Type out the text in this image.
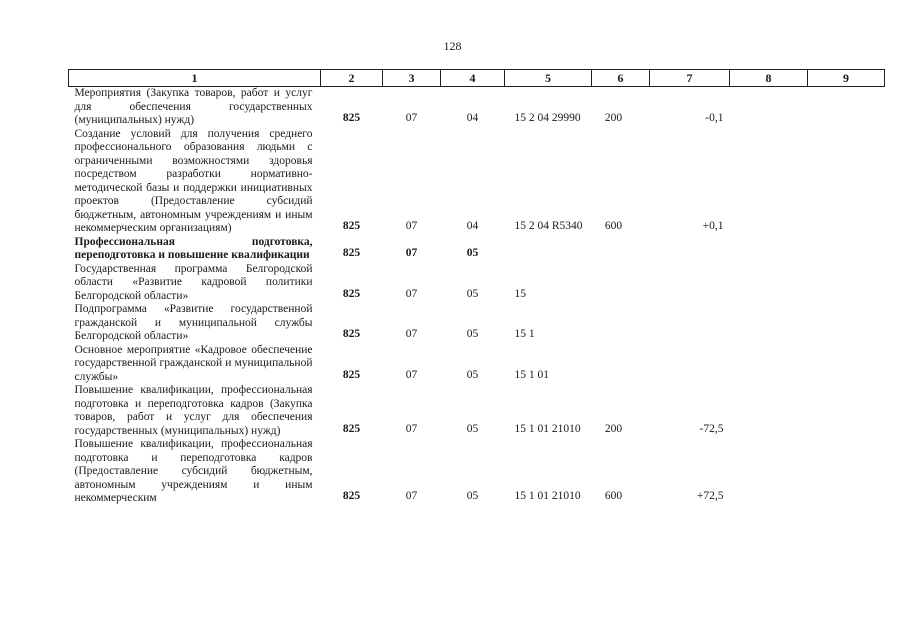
128
1	2	3	4	5	6	7	8	9

Мероприятия (Закупка товаров, работ и услуг для обеспечения государственных (муниципальных) нужд)	825	07	04	15 2 04 29990	200	-0,1		

Создание условий для получения среднего профессионального образования людьми с ограниченными возможностями здоровья посредством разработки нормативно-методической базы и поддержки инициативных проектов (Предоставление субсидий бюджетным, автономным учреждениям и иным некоммерческим организациям)	825	07	04	15 2 04 R5340	600	+0,1		

Профессиональная подготовка, переподготовка и повышение квалификации	825	07	05					

Государственная программа Белгородской области «Развитие кадровой политики Белгородской области»	825	07	05	15				

Подпрограмма «Развитие государственной гражданской и муниципальной службы Белгородской области»	825	07	05	15 1				

Основное мероприятие «Кадровое обеспечение государственной гражданской и муниципальной службы»	825	07	05	15 1 01				

Повышение квалификации, профессиональная подготовка и переподготовка кадров (Закупка товаров, работ и услуг для обеспечения государственных (муниципальных) нужд)	825	07	05	15 1 01 21010	200	-72,5		

Повышение квалификации, профессиональная подготовка и переподготовка кадров (Предоставление субсидий бюджетным, автономным учреждениям и иным некоммерческим	825	07	05	15 1 01 21010	600	+72,5		
